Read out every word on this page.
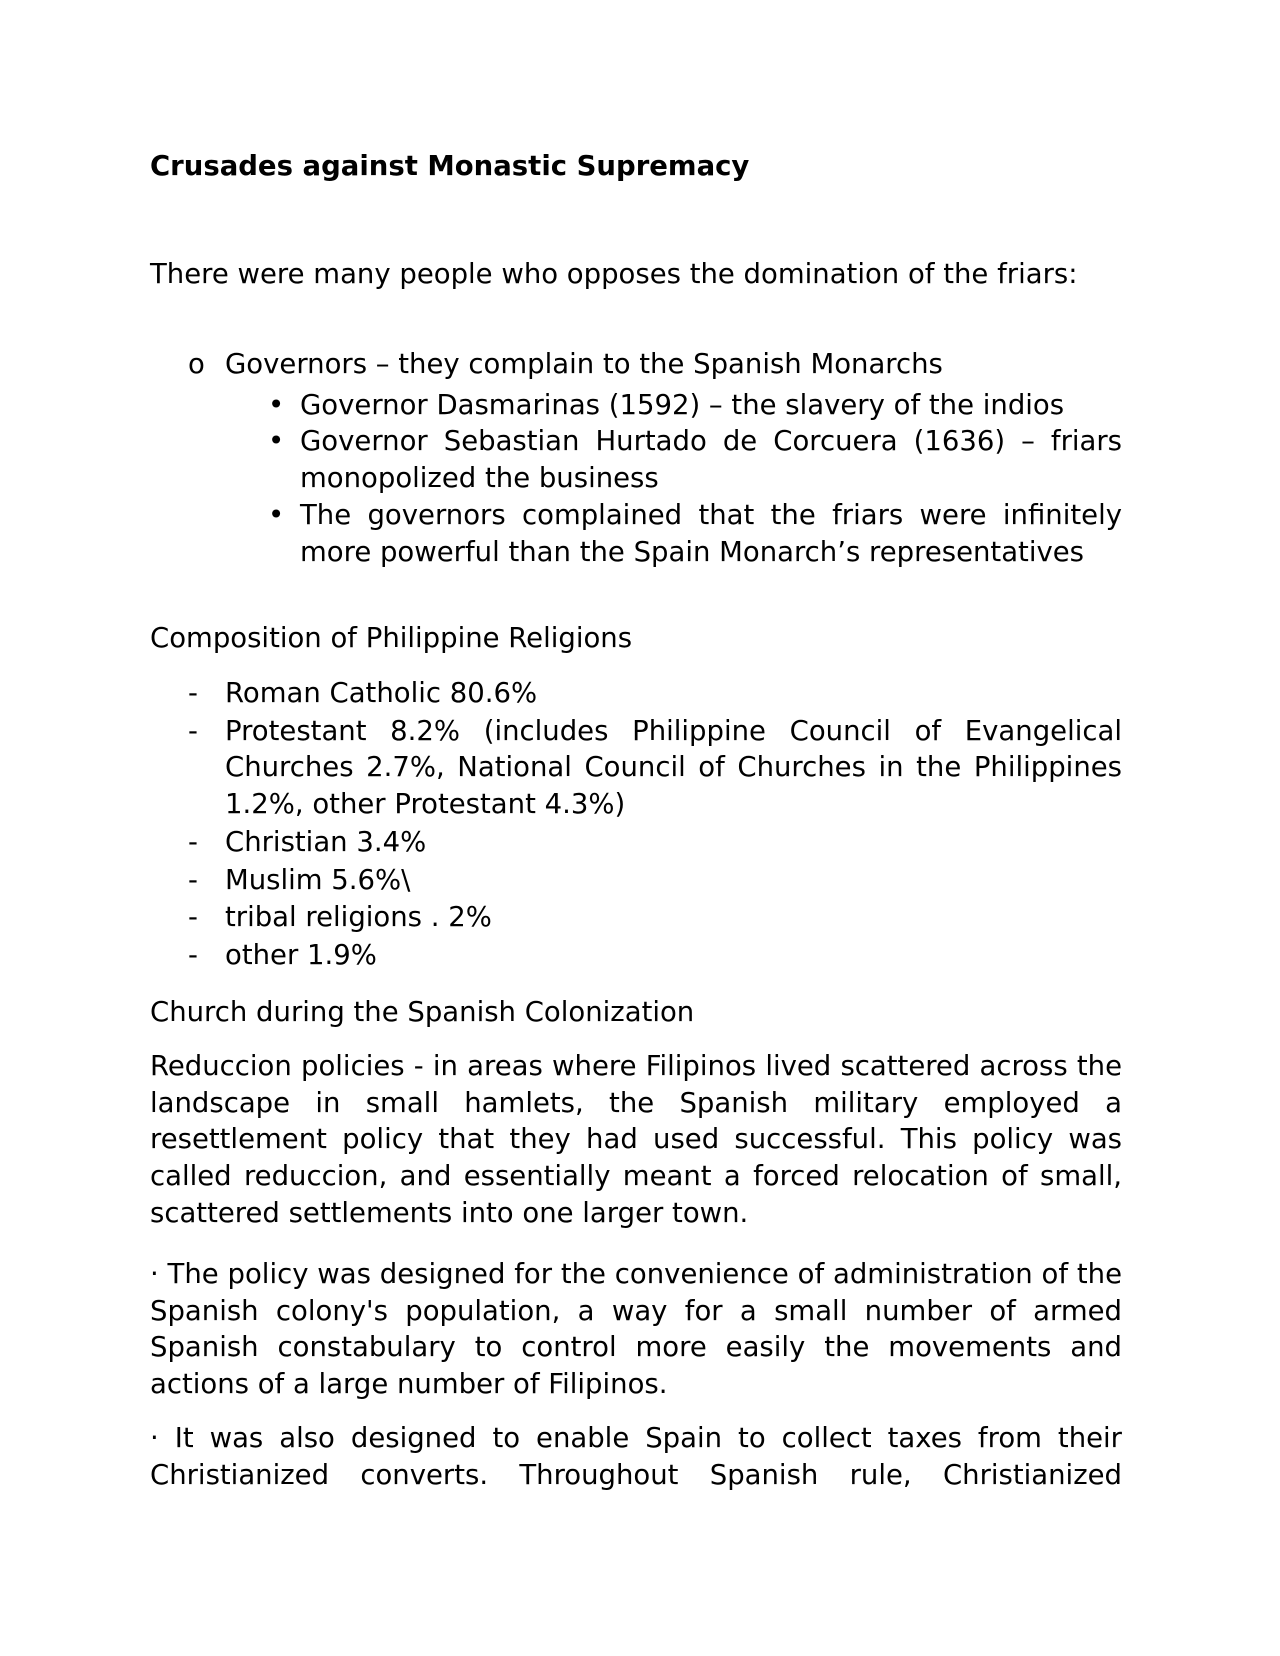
Crusades against Monastic Supremacy

There were many people who opposes the domination of the friars:

o Governors – they complain to the Spanish Monarchs
• Governor Dasmarinas (1592) – the slavery of the indios
• Governor Sebastian Hurtado de Corcuera (1636) – friars monopolized the business
• The governors complained that the friars were infinitely more powerful than the Spain Monarch’s representatives

Composition of Philippine Religions

- Roman Catholic 80.6%
- Protestant 8.2% (includes Philippine Council of Evangelical Churches 2.7%, National Council of Churches in the Philippines 1.2%, other Protestant 4.3%)
- Christian 3.4%
- Muslim 5.6%\
- tribal religions . 2%
- other 1.9%

Church during the Spanish Colonization

Reduccion policies - in areas where Filipinos lived scattered across the landscape in small hamlets, the Spanish military employed a resettlement policy that they had used successful. This policy was called reduccion, and essentially meant a forced relocation of small, scattered settlements into one larger town.

· The policy was designed for the convenience of administration of the Spanish colony's population, a way for a small number of armed Spanish constabulary to control more easily the movements and actions of a large number of Filipinos.

· It was also designed to enable Spain to collect taxes from their Christianized converts. Throughout Spanish rule, Christianized
